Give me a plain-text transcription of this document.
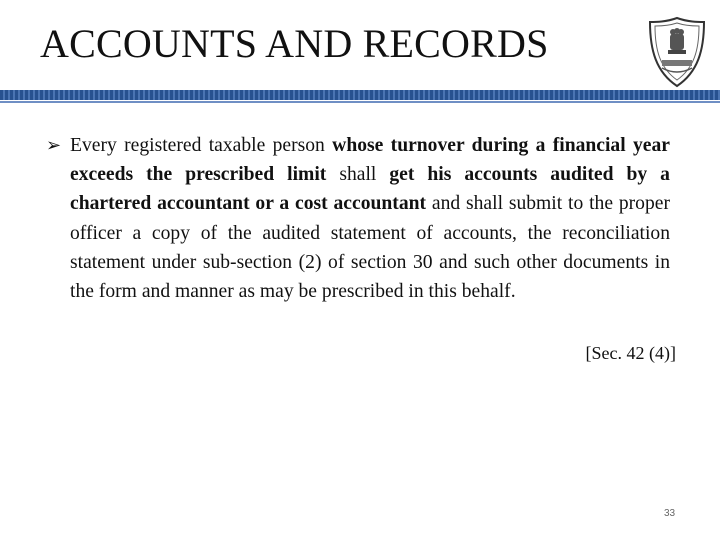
ACCOUNTS AND RECORDS
➢ Every registered taxable person whose turnover during a financial year exceeds the prescribed limit shall get his accounts audited by a chartered accountant or a cost accountant and shall submit to the proper officer a copy of the audited statement of accounts, the reconciliation statement under sub-section (2) of section 30 and such other documents in the form and manner as may be prescribed in this behalf.
[Sec. 42 (4)]
33
